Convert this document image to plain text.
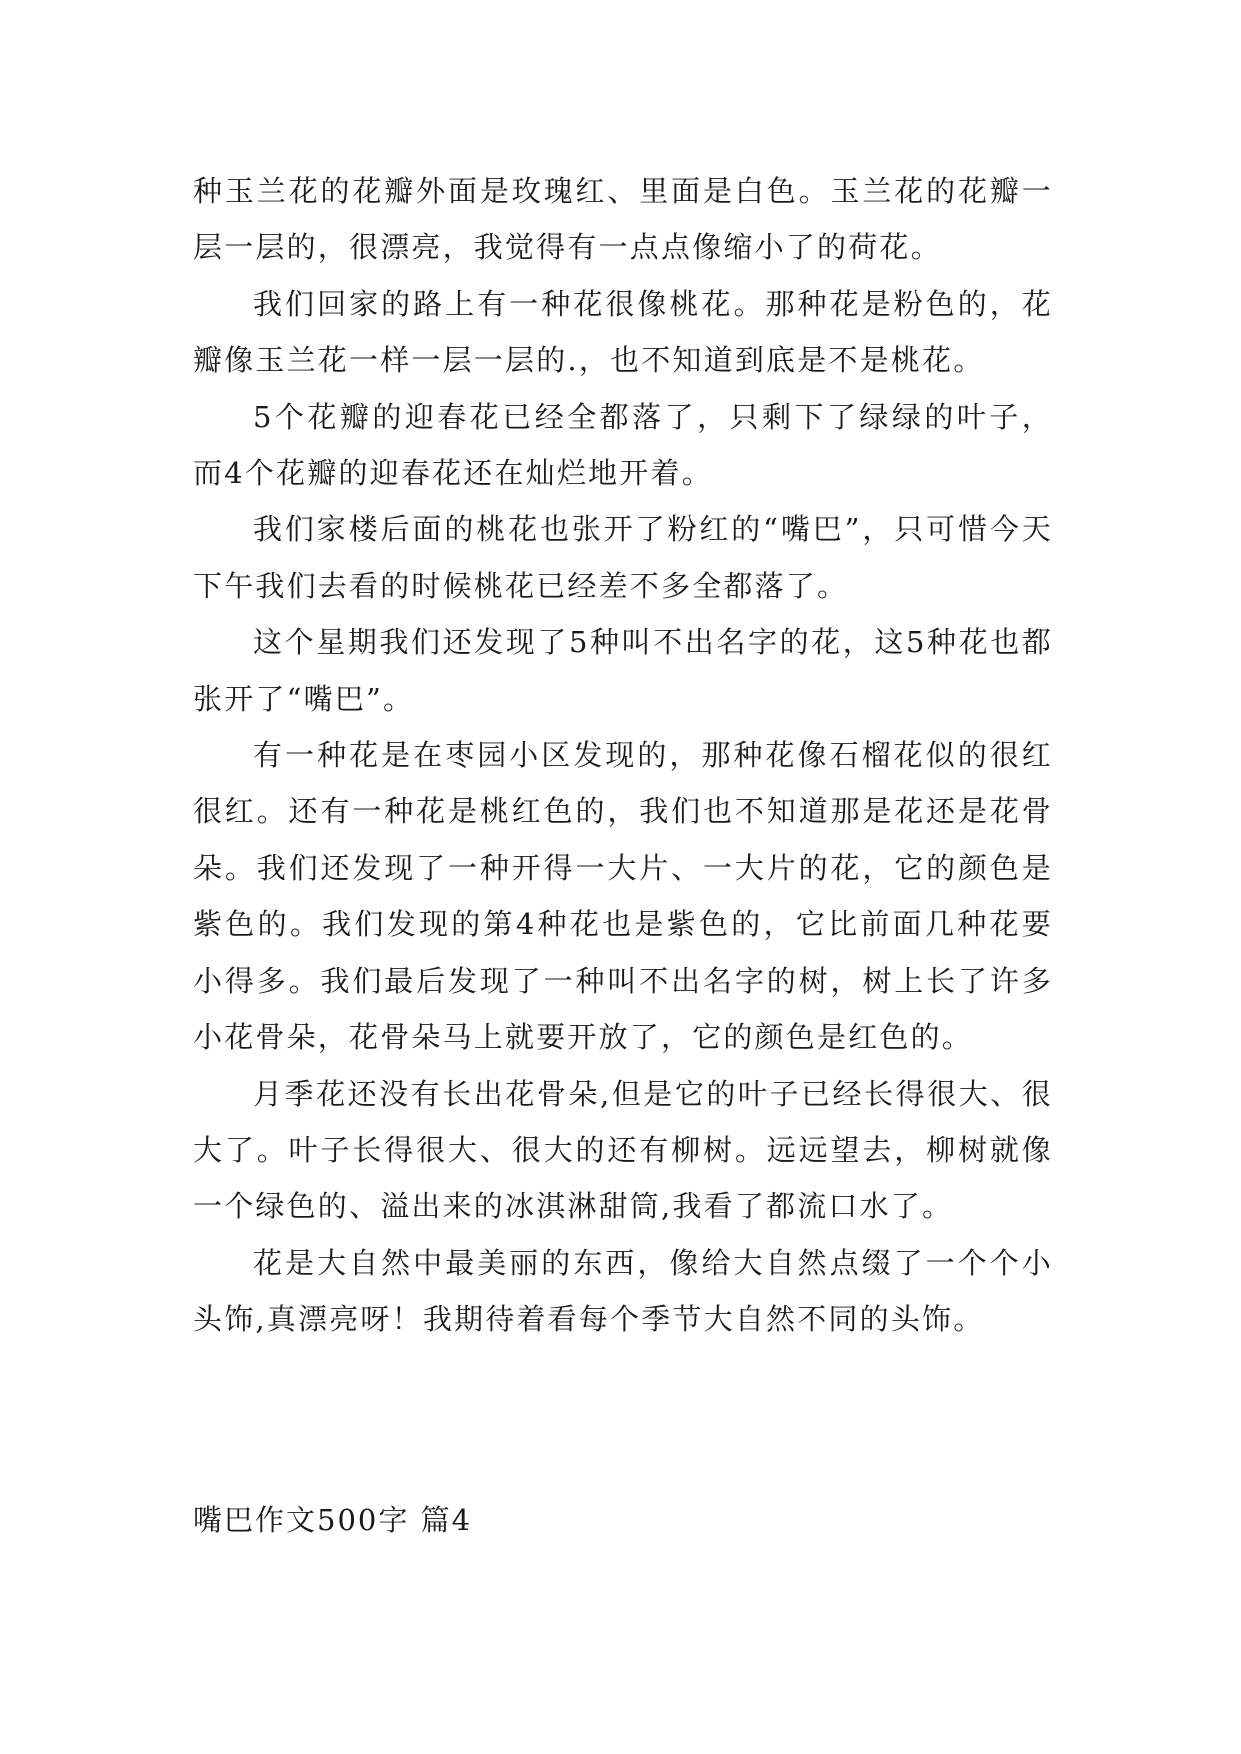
种玉兰花的花瓣外面是玫瑰红、里面是白色。玉兰花的花瓣一层一层的，很漂亮，我觉得有一点点像缩小了的荷花。

我们回家的路上有一种花很像桃花。那种花是粉色的，花瓣像玉兰花一样一层一层的.，也不知道到底是不是桃花。

5个花瓣的迎春花已经全都落了，只剩下了绿绿的叶子，而4个花瓣的迎春花还在灿烂地开着。

我们家楼后面的桃花也张开了粉红的“嘴巴”，只可惜今天下午我们去看的时候桃花已经差不多全都落了。

这个星期我们还发现了5种叫不出名字的花，这5种花也都张开了“嘴巴”。

有一种花是在枣园小区发现的，那种花像石榴花似的很红很红。还有一种花是桃红色的，我们也不知道那是花还是花骨朵。我们还发现了一种开得一大片、一大片的花，它的颜色是紫色的。我们发现的第4种花也是紫色的，它比前面几种花要小得多。我们最后发现了一种叫不出名字的树，树上长了许多小花骨朵，花骨朵马上就要开放了，它的颜色是红色的。

月季花还没有长出花骨朵,但是它的叶子已经长得很大、很大了。叶子长得很大、很大的还有柳树。远远望去，柳树就像一个绿色的、溢出来的冰淇淋甜筒,我看了都流口水了。

花是大自然中最美丽的东西，像给大自然点缀了一个个小头饰,真漂亮呀！我期待着看每个季节大自然不同的头饰。

嘴巴作文500字 篇4
